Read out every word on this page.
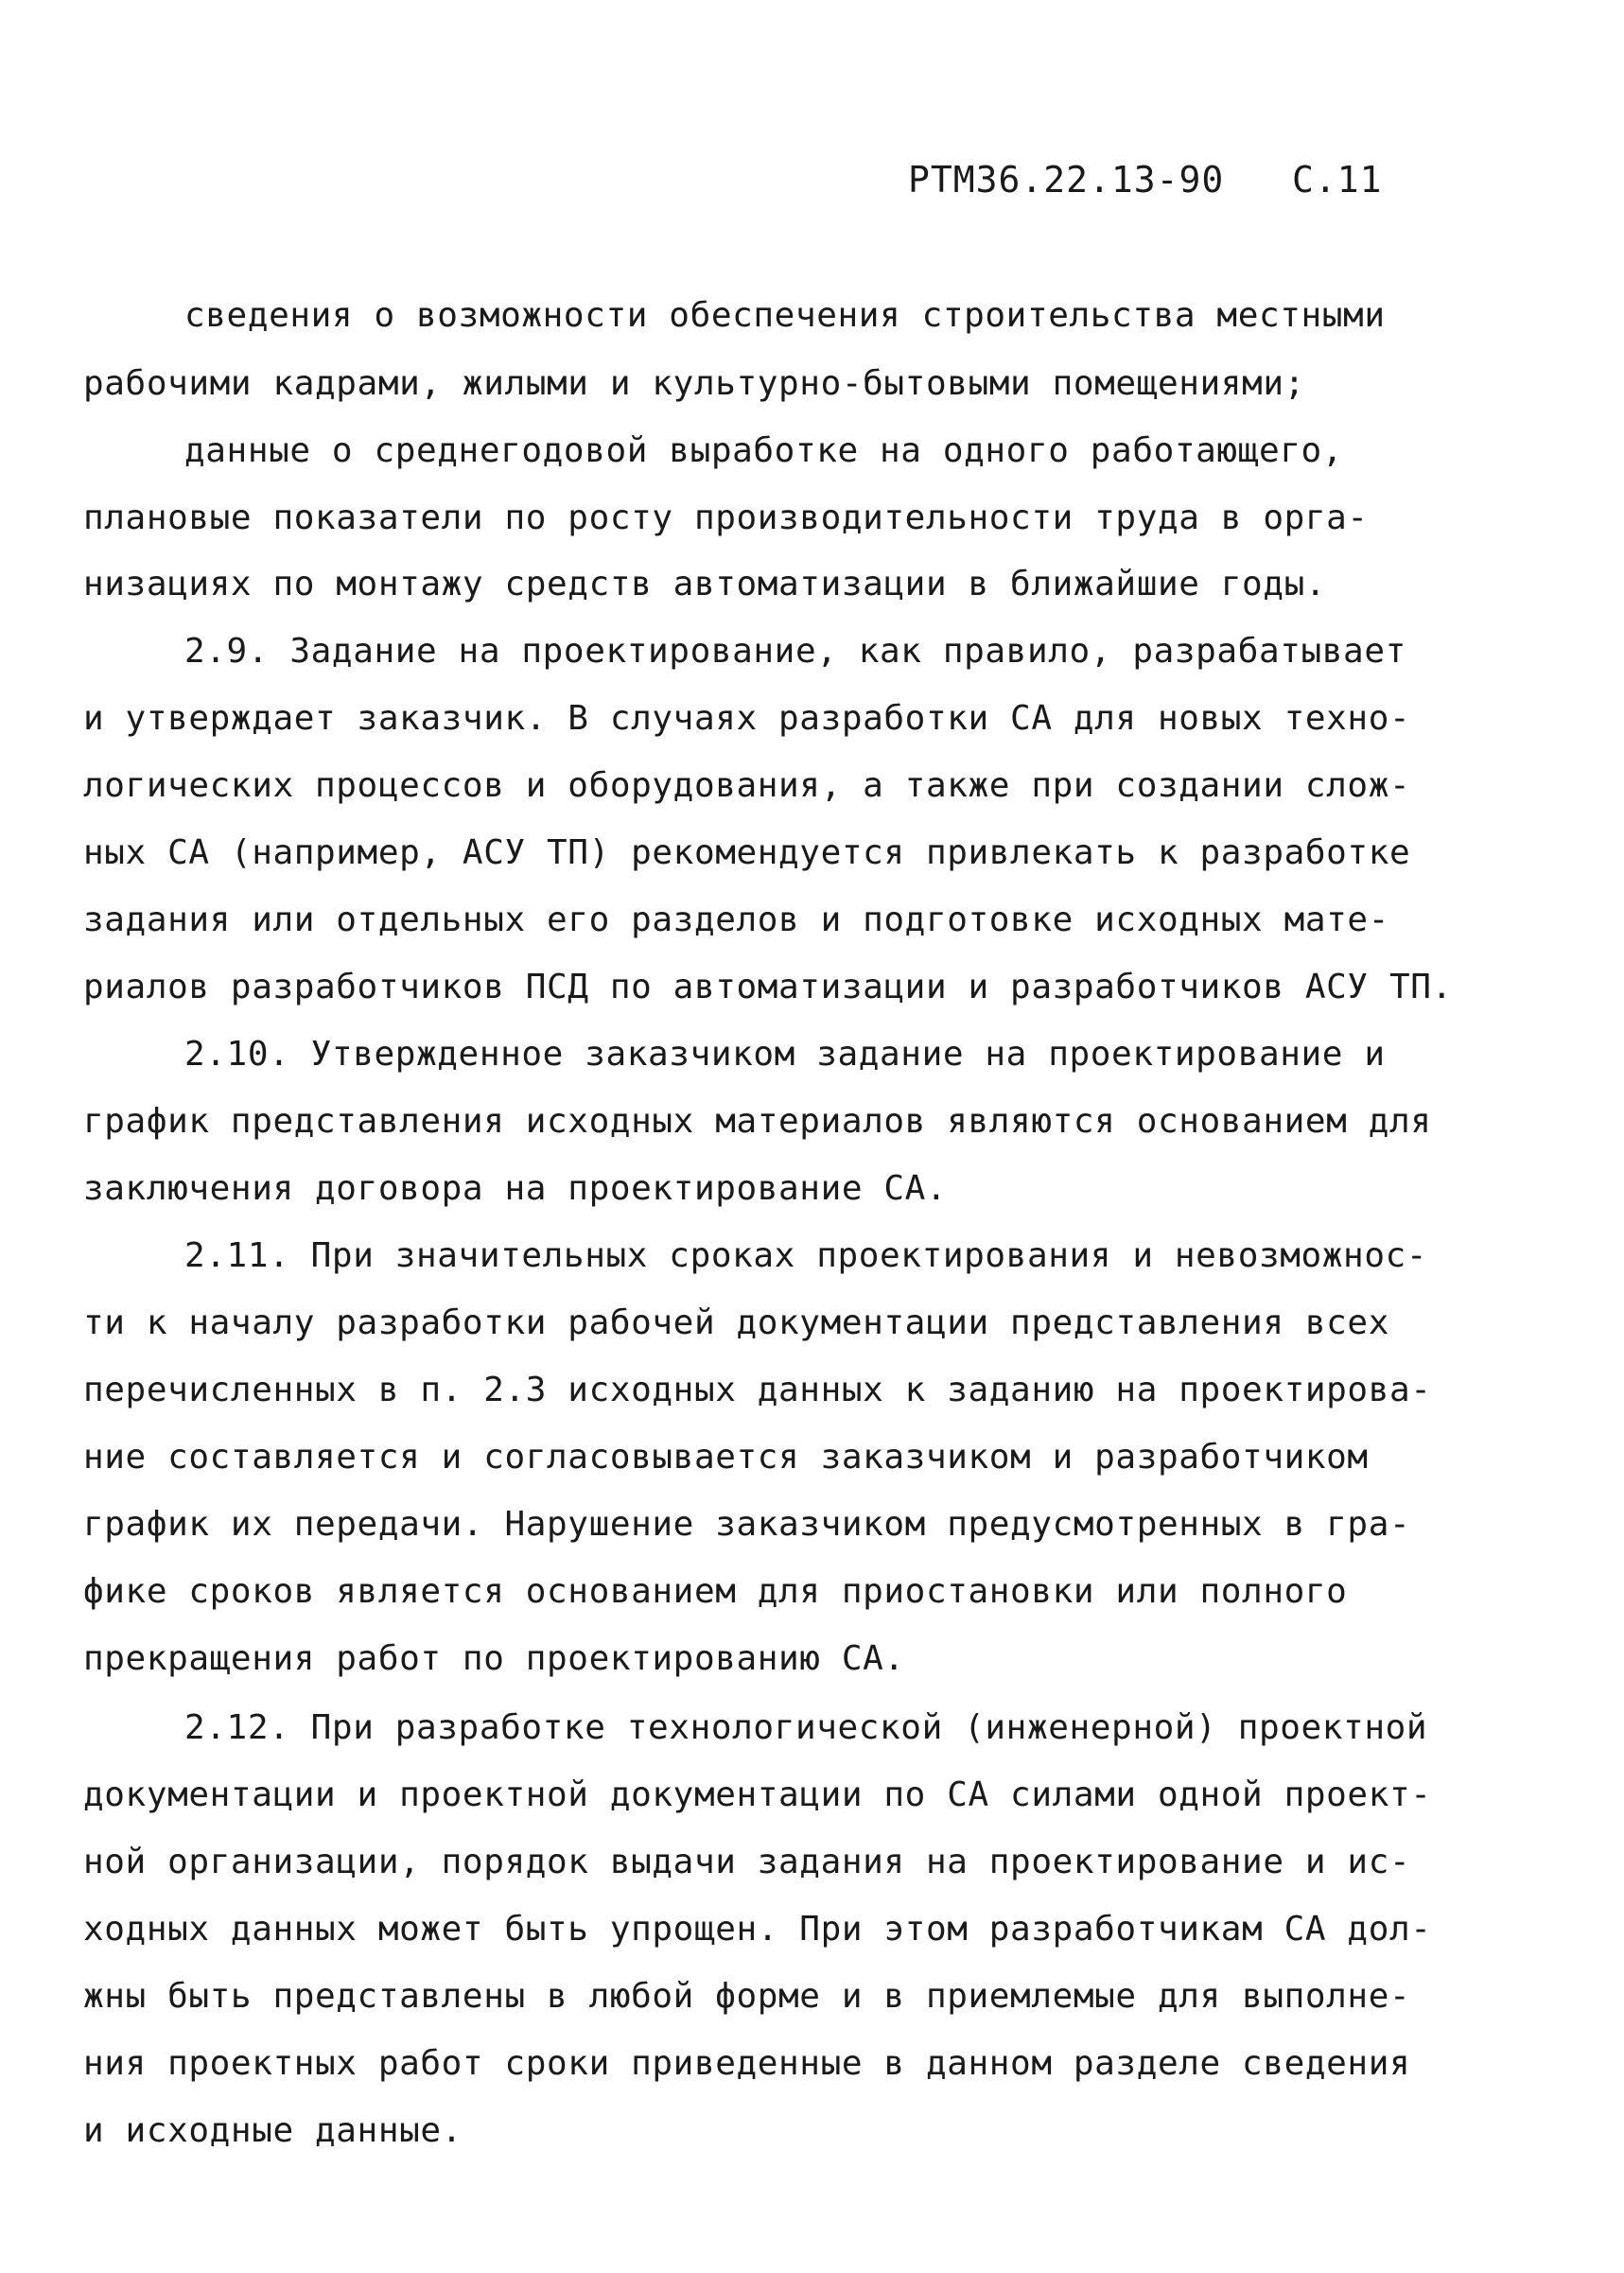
РТМ36.22.13-90 С.11
сведения о возможности обеспечения строительства местными
рабочими кадрами, жилыми и культурно-бытовыми помещениями;
данные о среднегодовой выработке на одного работающего,
плановые показатели по росту производительности труда в орга-
низациях по монтажу средств автоматизации в ближайшие годы.
2.9. Задание на проектирование, как правило, разрабатывает
и утверждает заказчик. В случаях разработки СА для новых техно-
логических процессов и оборудования, а также при создании слож-
ных СА (например, АСУ ТП) рекомендуется привлекать к разработке
задания или отдельных его разделов и подготовке исходных мате-
риалов разработчиков ПСД по автоматизации и разработчиков АСУ ТП.
2.10. Утвержденное заказчиком задание на проектирование и
график представления исходных материалов являются основанием для
заключения договора на проектирование СА.
2.11. При значительных сроках проектирования и невозможнос-
ти к началу разработки рабочей документации представления всех
перечисленных в п. 2.3 исходных данных к заданию на проектирова-
ние составляется и согласовывается заказчиком и разработчиком
график их передачи. Нарушение заказчиком предусмотренных в гра-
фике сроков является основанием для приостановки или полного
прекращения работ по проектированию СА.
2.12. При разработке технологической (инженерной) проектной
документации и проектной документации по СА силами одной проект-
ной организации, порядок выдачи задания на проектирование и ис-
ходных данных может быть упрощен. При этом разработчикам СА дол-
жны быть представлены в любой форме и в приемлемые для выполне-
ния проектных работ сроки приведенные в данном разделе сведения
и исходные данные.
